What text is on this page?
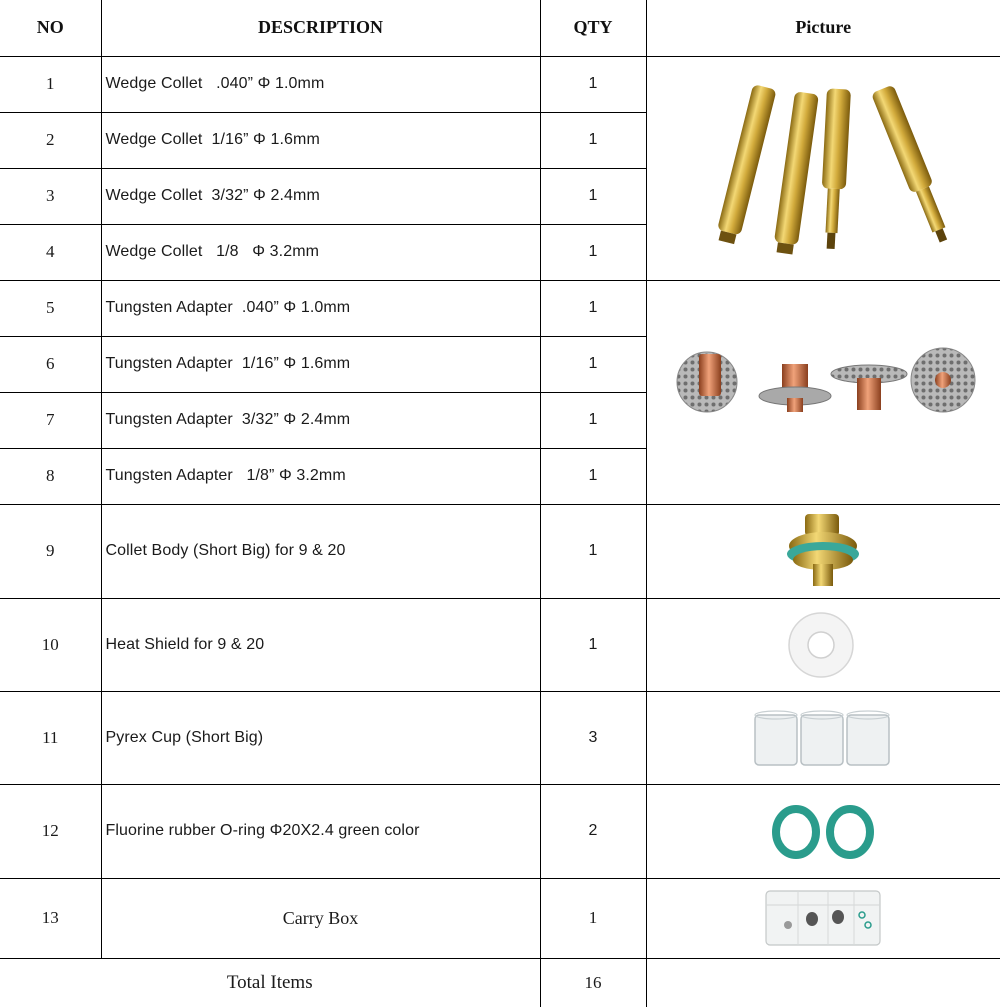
NO	DESCRIPTION	QTY	Picture
1	Wedge Collet   .040” Φ 1.0mm	1	

2	Wedge Collet  1/16” Φ 1.6mm	1	
3	Wedge Collet  3/32” Φ 2.4mm	1	
4	Wedge Collet   1/8   Φ 3.2mm	1	
5	Tungsten Adapter  .040” Φ 1.0mm	1	

6	Tungsten Adapter  1/16” Φ 1.6mm	1	
7	Tungsten Adapter  3/32” Φ 2.4mm	1	
8	Tungsten Adapter   1/8” Φ 3.2mm	1	
9	Collet Body (Short Big) for 9 & 20	1	

10	Heat Shield for 9 & 20	1	

11	Pyrex Cup (Short Big)	3	

12	Fluorine rubber O-ring Φ20X2.4 green color	2	

13	Carry Box	1	

Total Items		16	
